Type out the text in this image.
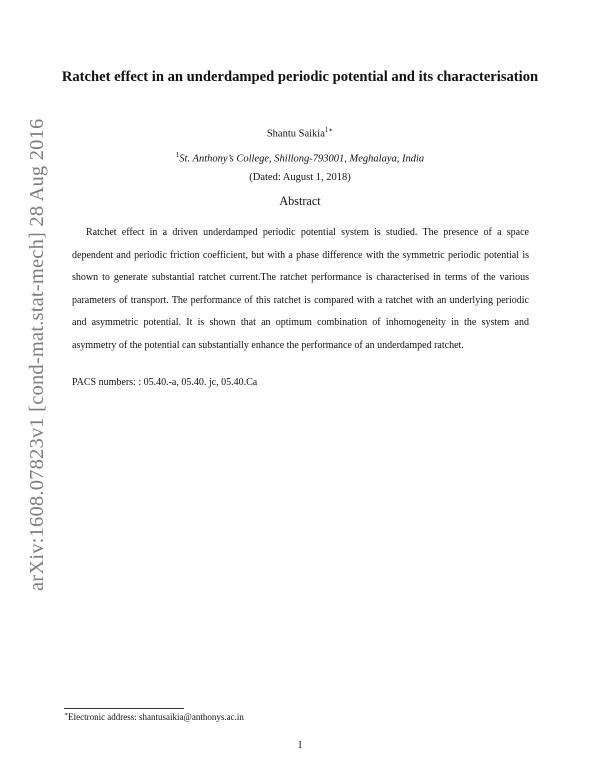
arXiv:1608.07823v1 [cond-mat.stat-mech] 28 Aug 2016
Ratchet effect in an underdamped periodic potential and its characterisation
Shantu Saikia$^{1∗}$
$^1$St. Anthony’s College, Shillong-793001, Meghalaya, India
(Dated: August 1, 2018)
Abstract
Ratchet effect in a driven underdamped periodic potential system is studied. The presence of a space dependent and periodic friction coefficient, but with a phase difference with the symmetric periodic potential is shown to generate substantial ratchet current.The ratchet performance is characterised in terms of the various parameters of transport. The performance of this ratchet is compared with a ratchet with an underlying periodic and asymmetric potential. It is shown that an optimum combination of inhomogeneity in the system and asymmetry of the potential can substantially enhance the performance of an underdamped ratchet.
PACS numbers: : 05.40.-a, 05.40. jc, 05.40.Ca
∗Electronic address: shantusaikia@anthonys.ac.in
1
